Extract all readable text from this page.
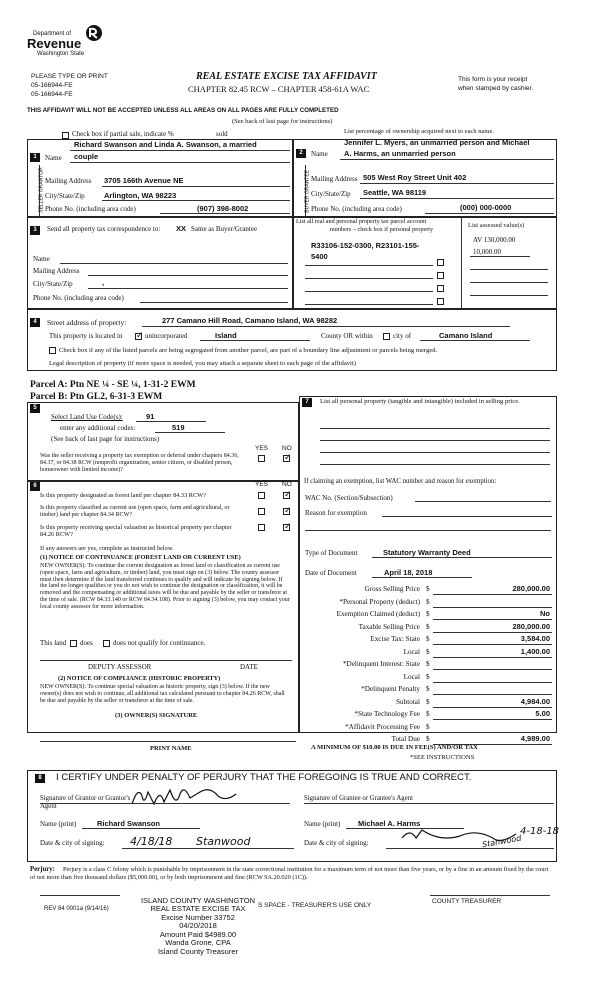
Department of
Revenue
Washington State
PLEASE TYPE OR PRINT
05-166944-FE
05-166944-FE
REAL ESTATE EXCISE TAX AFFIDAVIT
CHAPTER 82.45 RCW – CHAPTER 458-61A WAC
This form is your receipt
when stamped by cashier.
THIS AFFIDAVIT WILL NOT BE ACCEPTED UNLESS ALL AREAS ON ALL PAGES ARE FULLY COMPLETED
(See back of last page for instructions)
Check box if partial sale, indicate %	sold	List percentage of ownership acquired next to each name.
1
SELLER GRANTOR
Richard Swanson and Linda A. Swanson, a married
Name couple
Mailing Address 3705 166th Avenue NE
City/State/Zip	Arlington, WA 98223
Phone No. (including area code)	(907) 398-8002
2
BUYER GRANTEE
Jennifer L. Myers, an unmarried person and Michael
Name A. Harms, an unmarried person
Mailing Address 505 West Roy Street Unit 402
City/State/Zip Seattle, WA 98119
Phone No. (including area code)	(000) 000-0000
3	Send all property tax correspondence to: XX Same as Buyer/Grantee
Name
Mailing Address
City/State/Zip	,
Phone No. (including area code)
List all real and personal property tax parcel account
numbers – check box if personal property
List assessed value(s)
R33106-152-0300, R23101-155-
5400
AV 130,000.00
10,000.00
4	Street address of property:	277 Camano Hill Road, Camano Island, WA 98282
This property is located in
✓	unincorporated	Island	County OR within	city of	Camano Island
Check box if any of the listed parcels are being segregated from another parcel, are part of a boundary line adjustment or parcels being merged.
Legal description of property (if more space is needed, you may attach a separate sheet to each page of the affidavit)
Parcel A: Ptn NE ¼ - SE ¼, 1-31-2 EWM
Parcel B: Ptn GL2, 6-31-3 EWM
5
Select Land Use Code(s):	91
enter any additional codes:	519
(See back of last page for instructions)
YES NO
Was the seller receiving a property tax exemption or deferral under chapters 84.36, 84.37, or 84.38 RCW (nonprofit organization, senior citizen, or disabled person, homeowner with limited income)?
✓
6	YES NO
Is this property designated as forest land per chapter 84.33 RCW?
✓
Is this property classified as current use (open space, farm and agricultural, or timber) land per chapter 84.34 RCW?
✓
Is this property receiving special valuation as historical property per chapter 84.26 RCW?
✓
If any answers are yes, complete as instructed below.
(1) NOTICE OF CONTINUANCE (FOREST LAND OR CURRENT USE)
NEW OWNER(S): To continue the current designation as forest land or classification as current use (open space, farm and agriculture, or timber) land, you must sign on (3) below. The county assessor must then determine if the land transferred continues to qualify and will indicate by signing below. If the land no longer qualifies or you do not wish to continue the designation or classification, it will be removed and the compensating or additional taxes will be due and payable by the seller or transferor at the time of sale. (RCW 84.33.140 or RCW 84.34.108). Prior to signing (3) below, you may contact your local county assessor for more information.
This land does	does not qualify for continuance.
DEPUTY ASSESSOR	DATE
(2) NOTICE OF COMPLIANCE (HISTORIC PROPERTY)
NEW OWNER(S): To continue special valuation as historic property, sign (3) below. If the new owner(s) does not wish to continue, all additional tax calculated pursuant to chapter 84.26 RCW, shall be due and payable by the seller or transferor at the time of sale.
(3) OWNER(S) SIGNATURE
PRINT NAME
7	List all personal property (tangible and intangible) included in selling price.
If claiming an exemption, list WAC number and reason for exemption:
WAC No. (Section/Subsection)
Reason for exemption
Type of Document	Statutory Warranty Deed
Date of Document	April 18, 2018
Gross Selling Price $	280,000.00
*Personal Property (deduct) $
Exemption Claimed (deduct) $	No
Taxable Selling Price $	280,000.00
Excise Tax: State $	3,584.00
Local $	1,400.00
*Delinquent Interest: State $
Local $
*Delinquent Penalty $
Subtotal $	4,984.00
*State Technology Fee $	5.00
*Affidavit Processing Fee $
Total Due $	4,989.00
A MINIMUM OF $10.00 IS DUE IN FEE(S) AND/OR TAX
*SEE INSTRUCTIONS
8	I CERTIFY UNDER PENALTY OF PERJURY THAT THE FOREGOING IS TRUE AND CORRECT.
Signature of Grantor or Grantor's Agent
Name (print)	Richard Swanson
Date & city of signing: 4/18/18 Stanwood
Signature of Grantee or Grantee's Agent
Name (print) Michael A. Harms
Date & city of signing:	Stanwood
4-18-18
Perjury:	Perjury is a class C felony which is punishable by imprisonment in the state correctional institution for a maximum term of not more than five years, or by a fine in an amount fixed by the court of not more than five thousand dollars ($5,000.00), or by both imprisonment and fine (RCW 9A.20.020 (1C)).
REV 84 0001a (9/14/16)
ISLAND COUNTY WASHINGTON
REAL ESTATE EXCISE TAX
Excise Number 33752
04/20/2018
Amount Paid $4989.00
Wanda Grone, CPA
Island County Treasurer
S SPACE - TREASURER'S USE ONLY
COUNTY TREASURER
